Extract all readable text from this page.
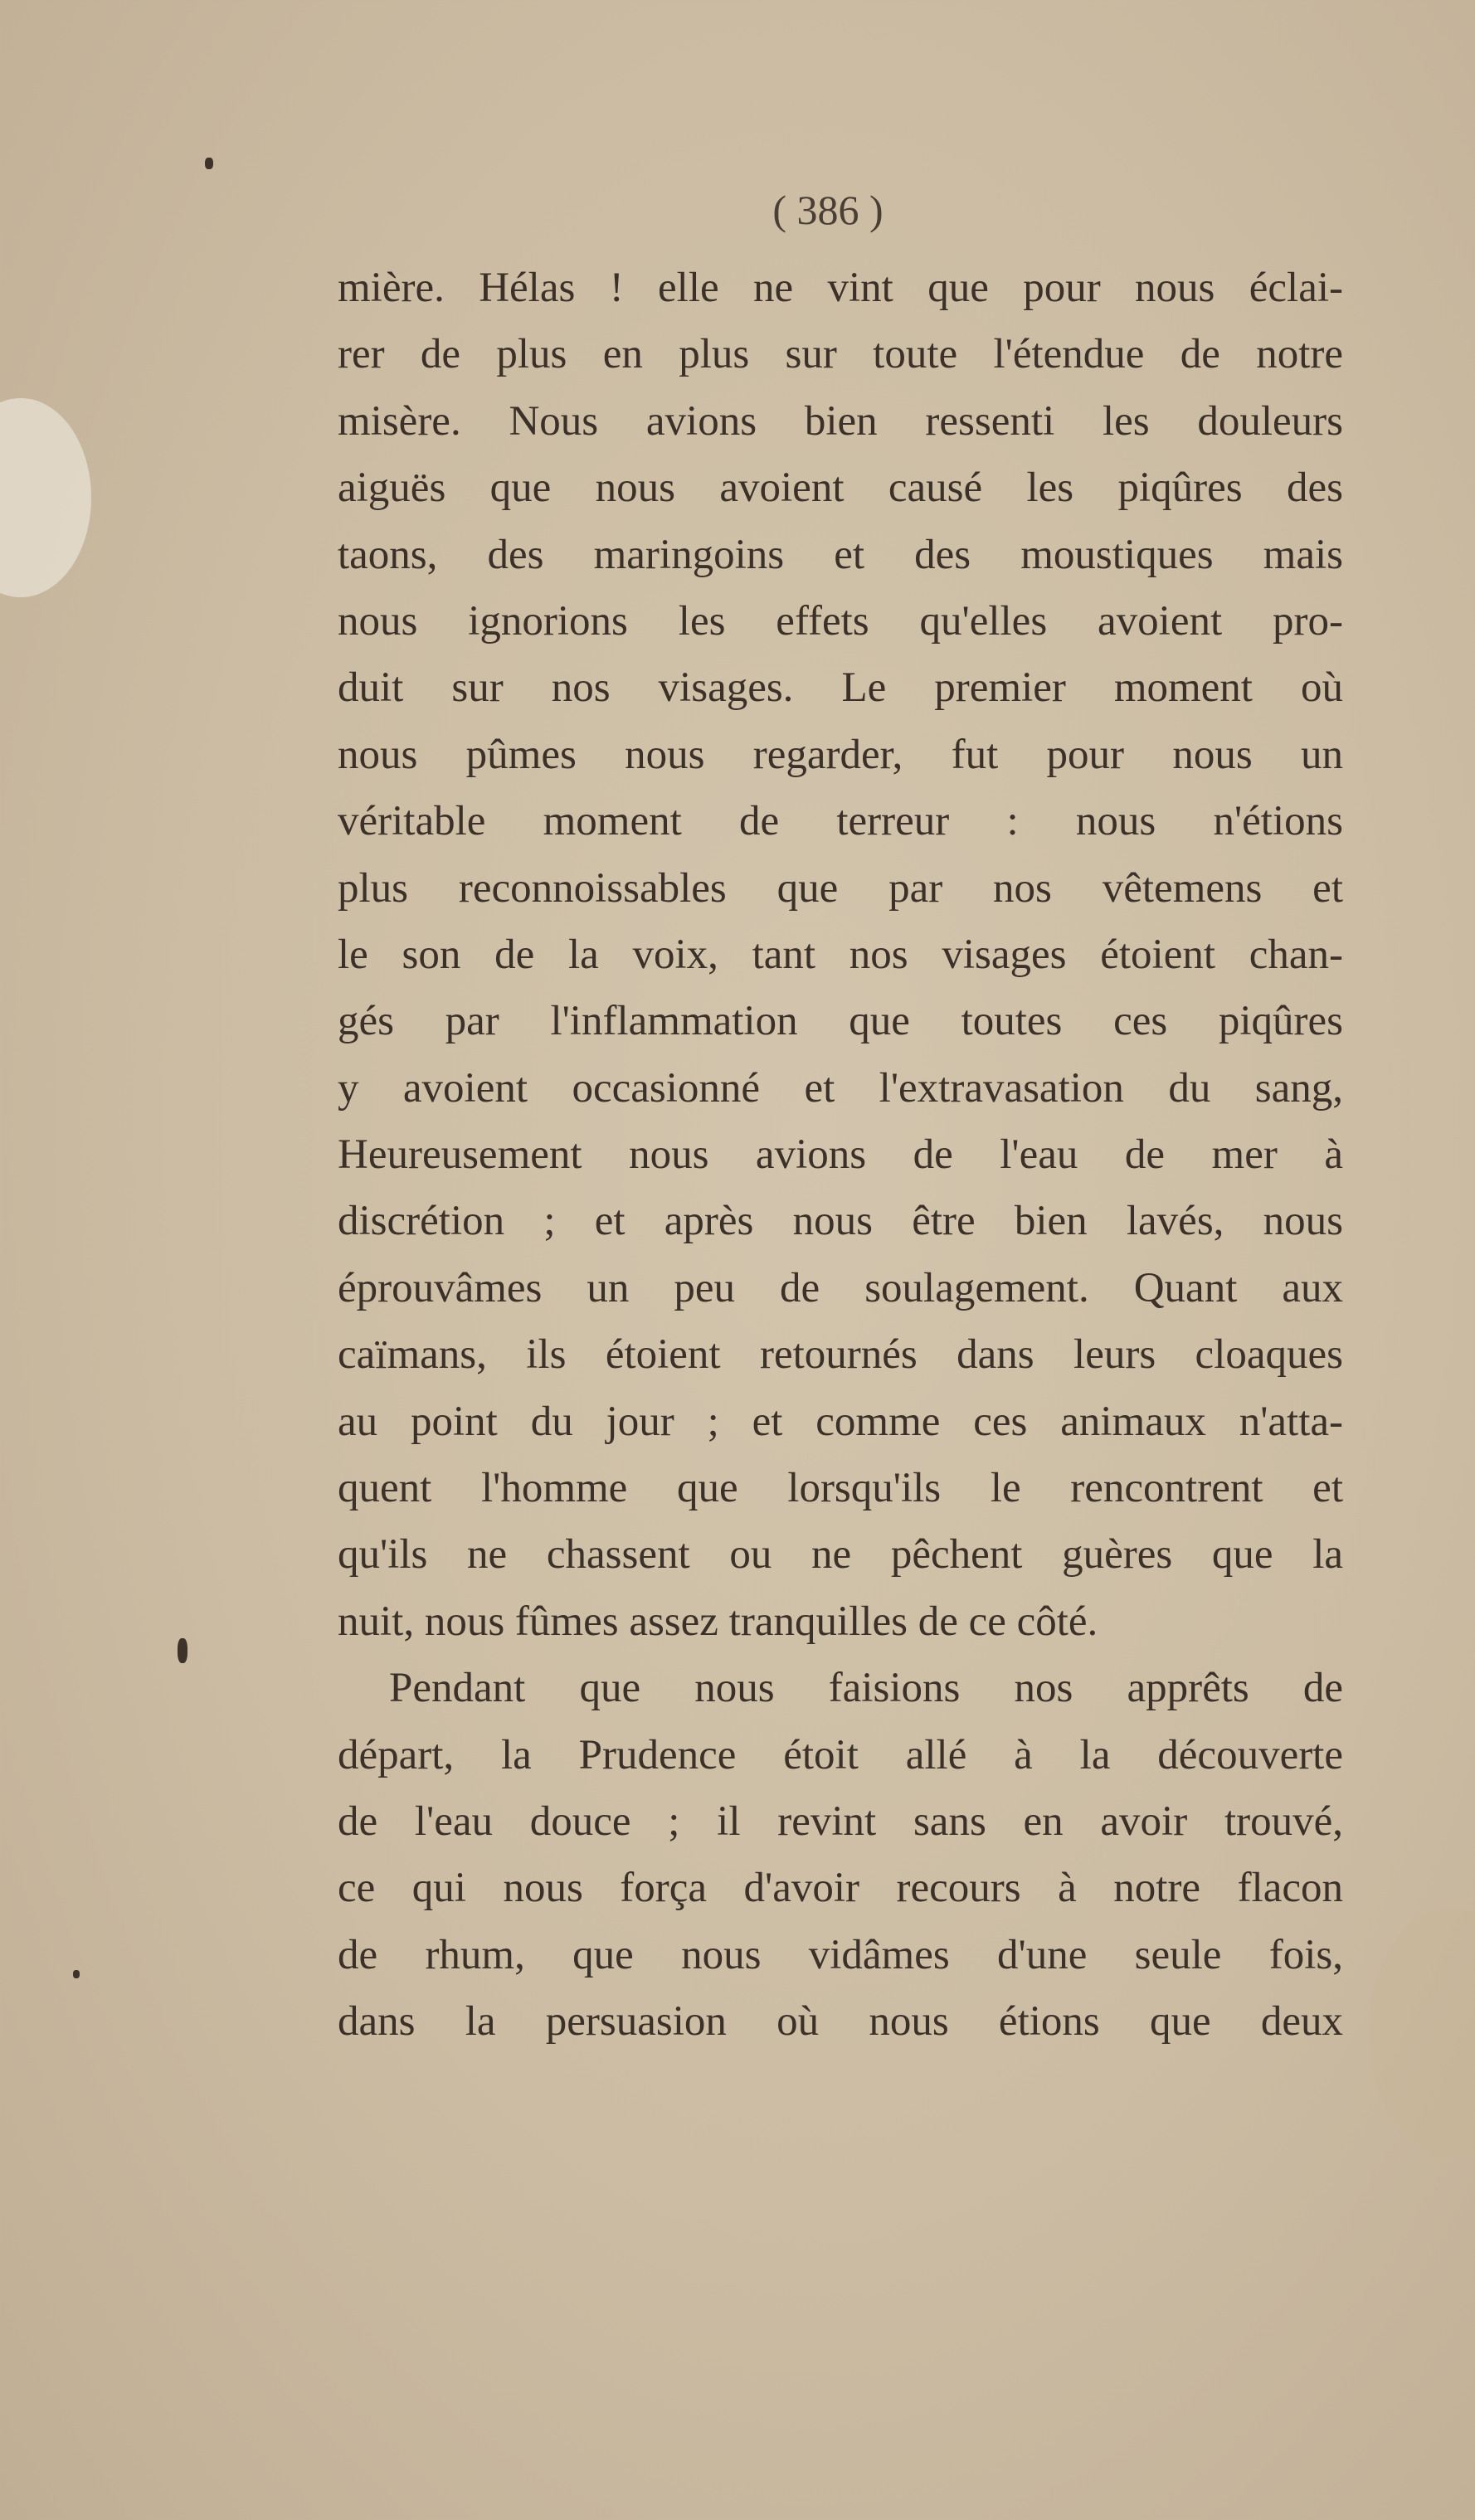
( 386 )
mière. Hélas ! elle ne vint que pour nous éclai-
rer de plus en plus sur toute l'étendue de notre
misère. Nous avions bien ressenti les douleurs
aiguës que nous avoient causé les piqûres des
taons, des maringoins et des moustiques mais
nous ignorions les effets qu'elles avoient pro-
duit sur nos visages. Le premier moment où
nous pûmes nous regarder, fut pour nous un
véritable moment de terreur : nous n'étions
plus reconnoissables que par nos vêtemens et
le son de la voix, tant nos visages étoient chan-
gés par l'inflammation que toutes ces piqûres
y avoient occasionné et l'extravasation du sang,
Heureusement nous avions de l'eau de mer à
discrétion ; et après nous être bien lavés, nous
éprouvâmes un peu de soulagement. Quant aux
caïmans, ils étoient retournés dans leurs cloaques
au point du jour ; et comme ces animaux n'atta-
quent l'homme que lorsqu'ils le rencontrent et
qu'ils ne chassent ou ne pêchent guères que la
nuit, nous fûmes assez tranquilles de ce côté.
Pendant que nous faisions nos apprêts de
départ, la Prudence étoit allé à la découverte
de l'eau douce ; il revint sans en avoir trouvé,
ce qui nous força d'avoir recours à notre flacon
de rhum, que nous vidâmes d'une seule fois,
dans la persuasion où nous étions que deux
